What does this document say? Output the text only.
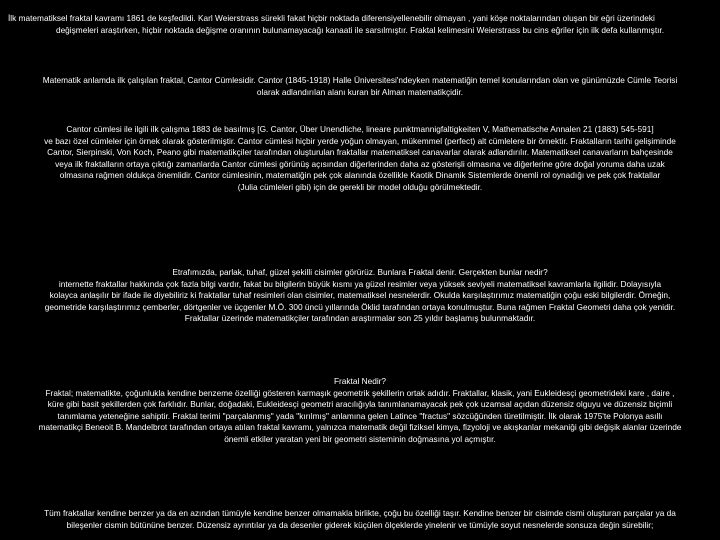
İlk matematiksel fraktal kavramı 1861 de keşfedildi. Karl Weierstrass sürekli fakat hiçbir noktada diferensiyellenebilir olmayan , yani köşe noktalarından oluşan bir eğri üzerindeki
değişmeleri araştırken, hiçbir noktada değişme oranının bulunamayacağı kanaati ile sarsılmıştır. Fraktal kelimesini Weierstrass bu cins eğriler için ilk defa kullanmıştır.
Matematik anlamda ilk çalışılan fraktal, Cantor Cümlesidir. Cantor (1845-1918) Halle Üniversitesi'ndeyken matematiğin temel konularından olan ve günümüzde Cümle Teorisi
olarak adlandırılan alanı kuran bir Alman matematikçidir.
Cantor cümlesi ile ilgili ilk çalışma 1883 de basılmış [G. Cantor, Über Unendliche, lineare punktmannigfaltigkeiten V, Mathematische Annalen 21 (1883) 545-591]
ve bazı özel cümleler için örnek olarak gösterilmiştir. Cantor cümlesi hiçbir yerde yoğun olmayan, mükemmel (perfect) alt cümlelere bir örnektir. Fraktalların tarihi gelişiminde
Cantor, Sierpinski, Von Koch, Peano gibi matematikçiler tarafından oluşturulan fraktallar matematiksel canavarlar olarak adlandırılır. Matematiksel canavarların bahçesinde
veya ilk fraktalların ortaya çıktığı zamanlarda Cantor cümlesi görünüş açısından diğerlerinden daha az gösterişli olmasına ve diğerlerine göre doğal yoruma daha uzak
olmasına rağmen oldukça önemlidir. Cantor cümlesinin, matematiğin pek çok alanında özellikle Kaotik Dinamik Sistemlerde önemli rol oynadığı ve pek çok fraktallar
(Julia cümleleri gibi) için de gerekli bir model olduğu görülmektedir.
Etrafımızda, parlak, tuhaf, güzel şekilli cisimler görürüz. Bunlara Fraktal denir. Gerçekten bunlar nedir?
internette fraktallar hakkında çok fazla bilgi vardır, fakat bu bilgilerin büyük kısmı ya güzel resimler veya yüksek seviyeli matematiksel kavramlarla ilgilidir. Dolayısıyla
kolayca anlaşılır bir ifade ile diyebiliriz ki fraktallar tuhaf resimleri olan cisimler, matematiksel nesnelerdir. Okulda karşılaştırımız matematiğin çoğu eski bilgilerdir. Örneğin,
geometride karşılaştırımız çemberler, dörtgenler ve üçgenler M.Ö. 300 üncü yıllarında Öklid tarafından ortaya konulmuştur. Buna rağmen Fraktal Geometri daha çok yenidir.
Fraktallar üzerinde matematikçiler tarafından araştırmalar son 25 yıldır başlamış bulunmaktadır.
Fraktal Nedir?
Fraktal; matematikte, çoğunlukla kendine benzeme özelliği gösteren karmaşık geometrik şekillerin ortak adıdır. Fraktallar, klasik, yani Eukleidesçi geometrideki kare , daire ,
küre gibi basit şekillerden çok farklıdır. Bunlar, doğadaki, Eukleidesçi geometri aracılığıyla tanımlanamayacak pek çok uzamsal açıdan düzensiz olguyu ve düzensiz biçimli
tanımlama yeteneğine sahiptir. Fraktal terimi "parçalanmış" yada "kırılmış" anlamına gelen Latince "fractus" sözcüğünden türetilmiştir. İlk olarak 1975'te Polonya asıllı
matematikçi Beneoit B. Mandelbrot tarafından ortaya atılan fraktal kavramı, yalnızca matematik değil fiziksel kimya, fizyoloji ve akışkanlar mekaniği gibi değişik alanlar üzerinde
önemli etkiler yaratan yeni bir geometri sisteminin doğmasına yol açmıştır.
Tüm fraktallar kendine benzer ya da en azından tümüyle kendine benzer olmamakla birlikte, çoğu bu özelliği taşır. Kendine benzer bir cisimde cismi oluşturan parçalar ya da
bileşenler cismin bütününe benzer. Düzensiz ayrıntılar ya da desenler giderek küçülen ölçeklerde yinelenir ve tümüyle soyut nesnelerde sonsuza değin sürebilir;
